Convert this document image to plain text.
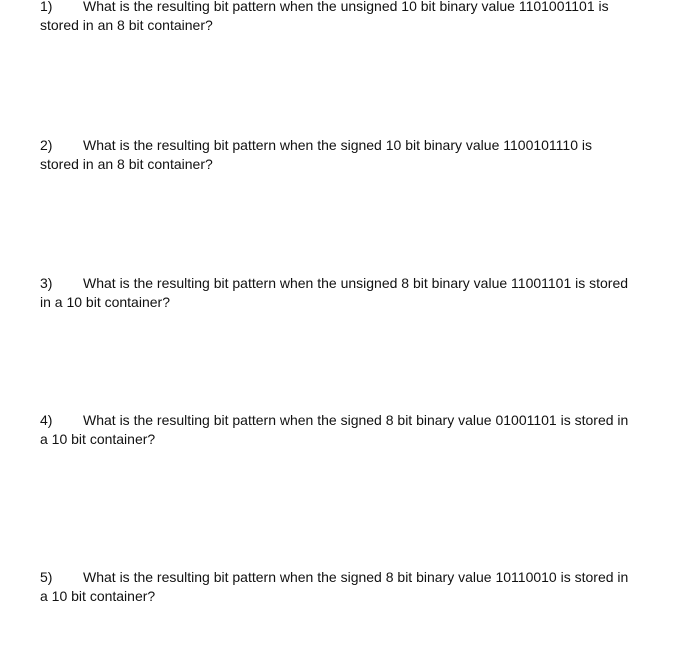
1) What is the resulting bit pattern when the unsigned 10 bit binary value 1101001101 is
stored in an 8 bit container?
2) What is the resulting bit pattern when the signed 10 bit binary value 1100101110 is
stored in an 8 bit container?
3) What is the resulting bit pattern when the unsigned 8 bit binary value 11001101 is stored
in a 10 bit container?
4) What is the resulting bit pattern when the signed 8 bit binary value 01001101 is stored in
a 10 bit container?
5) What is the resulting bit pattern when the signed 8 bit binary value 10110010 is stored in
a 10 bit container?
